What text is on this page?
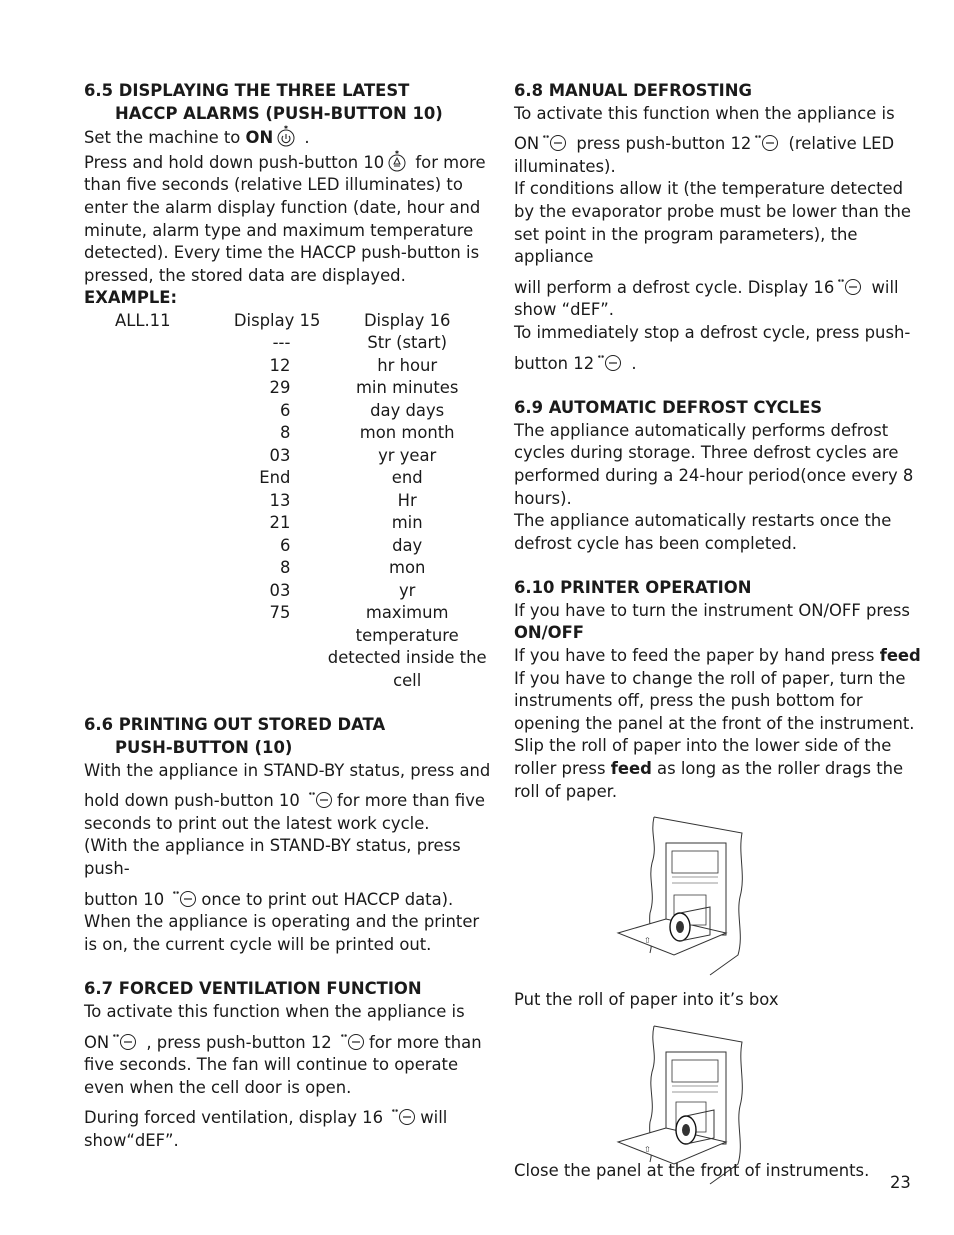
6.5 DISPLAYING THE THREE LATEST

HACCP ALARMS (PUSH-BUTTON 10)

Set the machine to ON ✱ .

Press and hold down push-button 10 ✱ for more

than five seconds (relative LED illuminates) to enter the alarm display function (date, hour and minute, alarm type and maximum temperature detected). Every time the HACCP push-button is pressed, the stored data are displayed.

EXAMPLE:

ALL.11	Display 15	Display 16
	---	Str (start)
	12	hr hour
	29	min minutes
	6	day days
	8	mon month
	03	yr year
	End	end
	13	Hr
	21	min
	6	day
	8	mon
	03	yr
	75	maximum temperature detected inside the cell

6.6 PRINTING OUT STORED DATA

PUSH-BUTTON (10)

With the appliance in STAND-BY status, press and

hold down push-button 10 ✱✱ for more than five seconds to print out the latest work cycle.

(With the appliance in STAND-BY status, press push-

button 10 ✱✱ once to print out HACCP data). When the appliance is operating and the printer is on, the current cycle will be printed out.

6.7 FORCED VENTILATION FUNCTION

To activate this function when the appliance is

ON ✱✱ , press push-button 12 ✱✱ for more than five seconds. The fan will continue to operate even when the cell door is open.

During forced ventilation, display 16 ✱✱ will show“dEF”.

6.8 MANUAL DEFROSTING

To activate this function when the appliance is

ON ✱✱ press push-button 12 ✱✱ (relative LED illuminates).

If conditions allow it (the temperature detected by the evaporator probe must be lower than the set point in the program parameters), the appliance

will perform a defrost cycle. Display 16 ✱✱ will show “dEF”.

To immediately stop a defrost cycle, press push-

button 12 ✱✱ .

6.9 AUTOMATIC DEFROST CYCLES

The appliance automatically performs defrost cycles during storage. Three defrost cycles are performed during a 24-hour period(once every 8 hours).

The appliance automatically restarts once the defrost cycle has been completed.

6.10 PRINTER OPERATION

If you have to turn the instrument ON/OFF press

ON/OFF

If you have to feed the paper by hand press feed

If you have to change the roll of paper, turn the instruments off, press the push bottom for opening the panel at the front of the instrument.

Slip the roll of paper into the lower side of the roller press feed as long as the roller drags the roll of paper.

⇧

Put the roll of paper into it’s box

⇧

Close the panel at the front of instruments.

23
